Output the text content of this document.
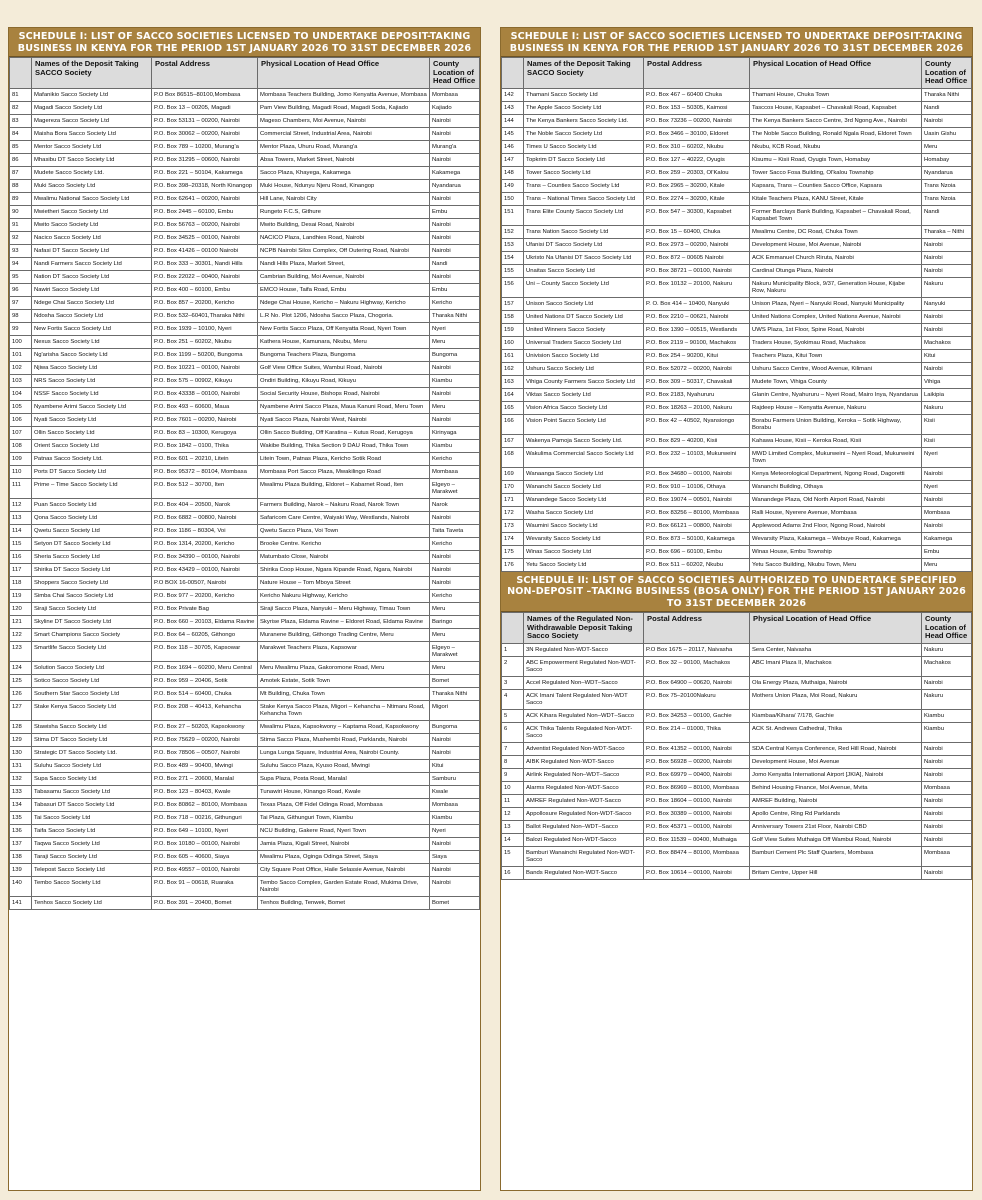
SCHEDULE I: LIST OF SACCO SOCIETIES LICENSED TO UNDERTAKE DEPOSIT-TAKING BUSINESS IN KENYA FOR THE PERIOD 1ST JANUARY 2026 TO 31ST DECEMBER 2026
	Names of the Deposit Taking SACCO Society	Postal Address	Physical Location of Head Office	County Location of Head Office
81	Mafanikio Sacco Society Ltd	P.O Box 86515–80100,Mombasa	Mombasa Teachers Building, Jomo Kenyatta Avenue, Mombasa	Mombasa
82	Magadi Sacco Society Ltd	P.O. Box 13 – 00205, Magadi	Pam View Building, Magadi Road, Magadi Soda, Kajiado	Kajiado
83	Magereza Sacco Society Ltd	P.O. Box 53131 – 00200, Nairobi	Mageso Chambers, Moi Avenue, Nairobi	Nairobi
84	Maisha Bora Sacco Society Ltd	P.O. Box 30062 – 00200, Nairobi	Commercial Street, Industrial Area, Nairobi	Nairobi
85	Mentor Sacco Society Ltd	P.O. Box 789 – 10200, Murang'a	Mentor Plaza, Uhuru Road, Murang'a	Murang'a
86	Mhasibu DT Sacco Society Ltd	P.O. Box 31295 – 00600, Nairobi	Absa Towers, Market Street, Nairobi	Nairobi
87	Mudete Sacco Society Ltd.	P.O. Box 221 – 50104, Kakamega	Sacco Plaza, Khayega, Kakamega	Kakamega
88	Muki Sacco Society Ltd	P.O. Box 398–20318, North Kinangop	Muki House, Ndunyu Njeru Road, Kinangop	Nyandarua
89	Mwalimu National Sacco Society Ltd	P.O. Box 62641 – 00200, Nairobi	Hill Lane, Nairobi City	Nairobi
90	Mwietheri Sacco Society Ltd	P.O. Box 2445 – 60100, Embu	Rungeto F.C.S, Githure	Embu
91	Mwito Sacco Society Ltd	P.O. Box 56763 – 00200, Nairobi	Mwito Building, Desai Road, Nairobi	Nairobi
92	Nacico Sacco Society Ltd	P.O. Box 34525 – 00100, Nairobi	NACICO Plaza, Landhies Road, Nairobi	Nairobi
93	Nafasi DT Sacco Society Ltd	P.O. Box 41426 – 00100 Nairobi	NCPB Nairobi Silos Complex, Off Outering Road, Nairobi	Nairobi
94	Nandi Farmers Sacco Society Ltd	P.O. Box 333 – 30301, Nandi Hills	Nandi Hills Plaza, Market Street,	Nandi
95	Nation DT Sacco Society Ltd	P.O. Box 22022 – 00400, Nairobi	Cambrian Building, Moi Avenue, Nairobi	Nairobi
96	Nawiri Sacco Society Ltd	P.O. Box 400 – 60100, Embu	EMCO House, Taifa Road, Embu	Embu
97	Ndege Chai Sacco Society Ltd	P.O. Box 857 – 20200, Kericho	Ndege Chai House, Kericho – Nakuru Highway, Kericho	Kericho
98	Ndosha Sacco Society Ltd	P.O. Box 532–60401,Tharaka Nithi	L.R No. Plot 1206, Ndosha Sacco Plaza, Chogoria.	Tharaka Nithi
99	New Fortis Sacco Society Ltd	P.O. Box 1939 – 10100, Nyeri	New Fortis Sacco Plaza, Off Kenyatta Road, Nyeri Town	Nyeri
100	Nexus Sacco Society Ltd	P.O. Box 251 – 60202, Nkubu	Kathera House, Kamunara, Nkubu, Meru	Meru
101	Ng'arisha Sacco Society Ltd	P.O. Box 1199 – 50200, Bungoma	Bungoma Teachers Plaza, Bungoma	Bungoma
102	Njiwa Sacco Society Ltd	P.O. Box 10221 – 00100, Nairobi	Golf View Office Suites, Wambui Road, Nairobi	Nairobi
103	NRS Sacco Society Ltd	P.O. Box 575 – 00902, Kikuyu	Ondiri Building, Kikuyu Road, Kikuyu	Kiambu
104	NSSF Sacco Society Ltd	P.O. Box 43338 – 00100, Nairobi	Social Security House, Bishops Road, Nairobi	Nairobi
105	Nyambene Arimi Sacco Society Ltd	P.O. Box 493 – 60600, Maua	Nyambene Arimi Sacco Plaza, Maua Kanuni Road, Meru Town	Meru
106	Nyati Sacco Society Ltd	P.O. Box 7601 – 00200, Nairobi	Nyati Sacco Plaza, Nairobi West, Nairobi	Nairobi
107	Ollin Sacco Society Ltd	P.O. Box 83 – 10300, Kerugoya	Ollin Sacco Building, Off Karatina – Kutus Road, Kerugoya	Kirinyaga
108	Orient Sacco Society Ltd	P.O. Box 1842 – 0100, Thika	Wakibe Building, Thika Section 9 DAU Road, Thika Town	Kiambu
109	Patnas Sacco Society Ltd.	P.O. Box 601 – 20210, Litein	Litein Town, Patnas Plaza, Kericho Sotik Road	Kericho
110	Ports DT Sacco Society Ltd	P.O. Box 95372 – 80104, Mombasa	Mombasa Port Sacco Plaza, Mwakilingo Road	Mombasa
111	Prime – Time Sacco Society Ltd	P.O. Box 512 – 30700, Iten	Mwalimu Plaza Building, Eldoret – Kabarnet Road, Iten	Elgeyo – Marakwet
112	Puan Sacco Society Ltd	P.O. Box 404 – 20500, Narok	Farmers Building, Narok – Nakuru Road, Narok Town	Narok
113	Qona Sacco Society Ltd	P.O. Box 6882 – 00800, Nairobi	Safaricom Care Centre, Waiyaki Way, Westlands, Nairobi	Nairobi
114	Qwetu Sacco Society Ltd	P.O. Box 1186 – 80304, Voi	Qwetu Sacco Plaza, Voi Town	Taita Taveta
115	Setyon DT Sacco Society Ltd	P.O. Box 1314, 20200, Kericho	Brooke Centre. Kericho	Kericho
116	Sheria Sacco Society Ltd	P.O. Box 34390 – 00100, Nairobi	Matumbato Close, Nairobi	Nairobi
117	Shirika DT Sacco Society Ltd	P.O. Box 43429 – 00100, Nairobi	Shirika Coop House, Ngara Kipande Road, Ngara, Nairobi	Nairobi
118	Shoppers Sacco Society Ltd	P.O BOX 16-00507, Nairobi	Nature House – Tom Mboya Street	Nairobi
119	Simba Chai Sacco Society Ltd	P.O. Box 977 – 20200, Kericho	Kericho Nakuru Highway, Kericho	Kericho
120	Siraji Sacco Society Ltd	P.O. Box Private Bag	Siraji Sacco Plaza, Nanyuki – Meru Highway, Timau Town	Meru
121	Skyline DT Sacco Society Ltd	P.O. Box 660 – 20103, Eldama Ravine	Skyrise Plaza, Eldama Ravine – Eldoret Road, Eldama Ravine	Baringo
122	Smart Champions Sacco Society	P.O. Box 64 – 60205, Githongo	Muranene Building, Githongo Trading Centre, Meru	Meru
123	Smartlife Sacco Society Ltd	P.O. Box 118 – 30705, Kapsowar	Marakwet Teachers Plaza, Kapsowar	Elgeyo – Marakwet
124	Solution Sacco Society Ltd	P.O. Box 1694 – 60200, Meru Central	Meru Mwalimu Plaza, Gakoromone Road, Meru	Meru
125	Sotico Sacco Society Ltd	P.O. Box 959 – 20406, Sotik	Amotek Estate, Sotik Town	Bomet
126	Southern Star Sacco Society Ltd	P.O. Box 514 – 60400, Chuka	Mt Building, Chuka Town	Tharaka Nithi
127	Stake Kenya Sacco Society Ltd	P.O. Box 208 – 40413, Kehancha	Stake Kenya Sacco Plaza, Migori – Kehancha – Ntimaru Road, Kehancha Town	Migori
128	Stawisha Sacco Society Ltd	P.O. Box 27 – 50203, Kapsokwony	Mwalimu Plaza, Kapsokwony – Kaptama Road, Kapsokwony	Bungoma
129	Stima DT Sacco Society Ltd	P.O. Box 75629 – 00200, Nairobi	Stima Sacco Plaza, Mushembi Road, Parklands, Nairobi	Nairobi
130	Strategic DT Sacco Society Ltd.	P.O. Box 78506 – 00507, Nairobi	Lunga Lunga Square, Industrial Area, Nairobi County.	Nairobi
131	Suluhu Sacco Society Ltd	P.O. Box 489 – 90400, Mwingi	Suluhu Sacco Plaza, Kyuso Road, Mwingi	Kitui
132	Supa Sacco Society Ltd	P.O. Box 271 – 20600, Maralal	Supa Plaza, Posta Road, Maralal	Samburu
133	Tabasamu Sacco Society Ltd	P.O. Box 123 – 80403, Kwale	Tunawiri House, Kinango Road, Kwale	Kwale
134	Tabasuri DT Sacco Society Ltd	P.O. Box 80862 – 80100, Mombasa	Texas Plaza, Off Fidel Odinga Road, Mombasa	Mombasa
135	Tai Sacco Society Ltd	P.O. Box 718 – 00216, Githunguri	Tai Plaza, Githunguri Town, Kiambu	Kiambu
136	Taifa Sacco Society Ltd	P.O. Box 649 – 10100, Nyeri	NCU Building, Gakere Road, Nyeri Town	Nyeri
137	Taqwa Sacco Society Ltd	P.O. Box 10180 – 00100, Nairobi	Jamia Plaza, Kigali Street, Nairobi	Nairobi
138	Taraji Sacco Society Ltd	P.O. Box 605 – 40600, Siaya	Mwalimu Plaza, Oginga Odinga Street, Siaya	Siaya
139	Telepost Sacco Society Ltd	P.O. Box 49557 – 00100, Nairobi	City Square Post Office, Haile Selassie Avenue, Nairobi	Nairobi
140	Tembo Sacco Society Ltd	P.O. Box 91 – 00618, Ruaraka	Tembo Sacco Complex, Garden Estate Road, Mukima Drive, Nairobi	Nairobi
141	Tenhos Sacco Society Ltd	P.O. Box 391 – 20400, Bomet	Tenhos Building, Tenwek, Bomet	Bomet
SCHEDULE I: LIST OF SACCO SOCIETIES LICENSED TO UNDERTAKE DEPOSIT-TAKING BUSINESS IN KENYA FOR THE PERIOD 1ST JANUARY 2026 TO 31ST DECEMBER 2026
	Names of the Deposit Taking SACCO Society	Postal Address	Physical Location of Head Office	County Location of Head Office
142	Thamani Sacco Society Ltd	P.O. Box 467 – 60400 Chuka	Thamani House, Chuka Town	Tharaka Nithi
143	The Apple Sacco Society Ltd	P.O. Box 153 – 50305, Kaimosi	Tasccos House, Kapsabet – Chavakali Road, Kapsabet	Nandi
144	The Kenya Bankers Sacco Society Ltd.	P.O. Box 73236 – 00200, Nairobi	The Kenya Bankers Sacco Centre, 3rd Ngong Ave., Nairobi	Nairobi
145	The Noble Sacco Society Ltd	P.O. Box 3466 – 30100, Eldoret	The Noble Sacco Building, Ronald Ngala Road, Eldoret Town	Uasin Gishu
146	Times U Sacco Society Ltd	P.O. Box 310 – 60202, Nkubu	Nkubu, KCB Road, Nkubu	Meru
147	Topkrim DT Sacco Society Ltd	P.O. Box 127 – 40222, Oyugis	Kisumu – Kisii Road, Oyugis Town, Homabay	Homabay
148	Tower Sacco Society Ltd	P.O. Box 259 – 20303, Ol'Kalou	Tower Sacco Fosa Building, Ol'kalou Township	Nyandarua
149	Trans – Counties Sacco Society Ltd	P.O. Box 2965 – 30200, Kitale	Kapsara, Trans – Counties Sacco Office, Kapsara	Trans Nzoia
150	Trans – National Times Sacco Society Ltd	P.O. Box 2274 – 30200, Kitale	Kitale Teachers Plaza, KANU Street, Kitale	Trans Nzoia
151	Trans Elite County Sacco Society Ltd	P.O. Box 547 – 30300, Kapsabet	Former Barclays Bank Building, Kapsabet – Chavakali Road, Kapsabet Town	Nandi
152	Trans Nation Sacco Society Ltd	P.O. Box 15 – 60400, Chuka	Mwalimu Centre, DC Road, Chuka Town	Tharaka – Nithi
153	Ufanisi DT Sacco Society Ltd	P.O. Box 2973 – 00200, Nairobi	Development House, Moi Avenue, Nairobi	Nairobi
154	Ukristo Na Ufanisi DT Sacco Society Ltd	P.O. Box 872 – 00605 Nairobi	ACK Emmanuel Church Riruta, Nairobi	Nairobi
155	Unaitas Sacco Society Ltd	P.O. Box 38721 – 00100, Nairobi	Cardinal Otunga Plaza, Nairobi	Nairobi
156	Uni – County Sacco Society Ltd	P.O. Box 10132 – 20100, Nakuru	Nakuru Municipality Block, 9/37, Generation House, Kijabe Row, Nakuru	Nakuru
157	Unison Sacco Society Ltd	P. O. Box 414 – 10400, Nanyuki	Unison Plaza, Nyeri – Nanyuki Road, Nanyuki Municipality	Nanyuki
158	United Nations DT Sacco Society Ltd	P.O. Box 2210 – 00621, Nairobi	United Nations Complex, United Nations Avenue, Nairobi	Nairobi
159	United Winners Sacco Society	P.O. Box 1390 – 00515, Westlands	UWS Plaza, 1st Floor, Spine Road, Nairobi	Nairobi
160	Universal Traders Sacco Society Ltd	P.O. Box 2119 – 90100, Machakos	Traders House, Syokimau Road, Machakos	Machakos
161	Univision Sacco Society Ltd	P.O. Box 254 – 90200, Kitui	Teachers Plaza, Kitui Town	Kitui
162	Ushuru Sacco Society Ltd	P.O. Box 52072 – 00200, Nairobi	Ushuru Sacco Centre, Wood Avenue, Kilimani	Nairobi
163	Vihiga County Farmers Sacco Society Ltd	P.O. Box 309 – 50317, Chavakali	Mudete Town, Vihiga County	Vihiga
164	Viktas Sacco Society Ltd	P.O. Box 2183, Nyahururu	Glanin Centre, Nyahururu – Nyeri Road, Mairo Inya, Nyandarua	Laikipia
165	Vision Africa Sacco Society Ltd	P.O. Box 18263 – 20100, Nakuru	Rajdeep House – Kenyatta Avenue, Nakuru	Nakuru
166	Vision Point Sacco Society Ltd	P.O. Box 42 – 40502, Nyansiongo	Borabu Farmers Union Building, Keroka – Sotik Highway, Borabu	Kisii
167	Wakenya Pamoja Sacco Society Ltd.	P.O. Box 829 – 40200, Kisii	Kahawa House, Kisii – Keroka Road, Kisii	Kisii
168	Wakulima Commercial Sacco Society Ltd	P.O. Box 232 – 10103, Mukurweini	MWD Limited Complex, Mukurweini – Nyeri Road, Mukurweini Town	Nyeri
169	Wanaanga Sacco Society Ltd	P.O. Box 34680 – 00100, Nairobi	Kenya Meteorological Department, Ngong Road, Dagoretti	Nairobi
170	Wananchi Sacco Society Ltd	P.O. Box 910 – 10106, Othaya	Wananchi Building, Othaya	Nyeri
171	Wanandege Sacco Society Ltd	P.O. Box 19074 – 00501, Nairobi	Wanandege Plaza, Old North Airport Road, Nairobi	Nairobi
172	Washa Sacco Society Ltd	P.O. Box 83256 – 80100, Mombasa	Ralli House, Nyerere Avenue, Mombasa	Mombasa
173	Waumini Sacco Society Ltd	P.O. Box 66121 – 00800, Nairobi	Applewood Adams 2nd Floor, Ngong Road, Nairobi	Nairobi
174	Wevarsity Sacco Society Ltd	P.O. Box 873 – 50100, Kakamega	Wevarsity Plaza, Kakamega – Webuye Road, Kakamega	Kakamega
175	Winas Sacco Society Ltd	P.O. Box 696 – 60100, Embu	Winas House, Embu Township	Embu
176	Yetu Sacco Society Ltd	P.O. Box 511 – 60202, Nkubu	Yetu Sacco Building, Nkubu Town, Meru	Meru
SCHEDULE II: LIST OF SACCO SOCIETIES AUTHORIZED TO UNDERTAKE SPECIFIED NON-DEPOSIT –TAKING BUSINESS (BOSA ONLY) FOR THE PERIOD 1ST JANUARY 2026 TO 31ST DECEMBER 2026
	Names of the Regulated Non-Withdrawable Deposit Taking Sacco Society	Postal Address	Physical Location of Head Office	County Location of Head Office
1	3N Regulated Non-WDT-Sacco	P.O Box 1675 – 20117, Naivasha	Sera Center, Naivasha	Nakuru
2	ABC Empowerment Regulated Non-WDT-Sacco	P.O. Box 32 – 90100, Machakos	ABC Imani Plaza II, Machakos	Machakos
3	Accel Regulated Non–WDT–Sacco	P.O. Box 64900 – 00620, Nairobi	Ola Energy Plaza, Muthaiga, Nairobi	Nairobi
4	ACK Imani Talent Regulated Non-WDT Sacco	P.O. Box 75–20100Nakuru	Mothers Union Plaza, Moi Road, Nakuru	Nakuru
5	ACK Kihara Regulated Non–WDT–Sacco	P.O. Box 34253 – 00100, Gachie	Kiambaa/Kihara/ 7/178, Gachie	Kiambu
6	ACK Thika Talents Regulated Non-WDT-Sacco	P.O. Box 214 – 01000, Thika	ACK St. Andrews Cathedral, Thika	Kiambu
7	Adventist Regulated Non-WDT-Sacco	P.O. Box 41352 – 00100, Nairobi	SDA Central Kenya Conference, Red Hill Road, Nairobi	Nairobi
8	AIBK Regulated Non-WDT-Sacco	P.O. Box 56928 – 00200, Nairobi	Development House, Moi Avenue	Nairobi
9	Airlink Regulated Non–WDT–Sacco	P.O. Box 69979 – 00400, Nairobi	Jomo Kenyatta International Airport [JKIA], Nairobi	Nairobi
10	Alarms Regulated Non-WDT-Sacco	P.O. Box 86969 – 80100, Mombasa	Behind Housing Finance, Moi Avenue, Mvita	Mombasa
11	AMREF Regulated Non-WDT-Sacco	P.O. Box 18604 – 00100, Nairobi	AMREF Building, Nairobi	Nairobi
12	Appollosure Regulated Non-WDT-Sacco	P.O. Box 30389 – 00100, Nairobi	Apollo Centre, Ring Rd Parklands	Nairobi
13	Ballot Regulated Non–WDT–Sacco	P.O. Box 45371 – 00100, Nairobi	Anniversary Towers 21st Floor, Nairobi CBD	Nairobi
14	Balozi Regulated Non-WDT-Sacco	P.O. Box 11539 – 00400, Muthaiga	Golf View Suites Muthaiga Off Wambui Road, Nairobi	Nairobi
15	Bamburi Wanainchi Regulated Non-WDT-Sacco	P.O. Box 88474 – 80100, Mombasa	Bamburi Cement Plc Staff Quarters, Mombasa	Mombasa
16	Bands Regulated Non-WDT-Sacco	P.O. Box 10614 – 00100, Nairobi	Britam Centre, Upper Hill	Nairobi
